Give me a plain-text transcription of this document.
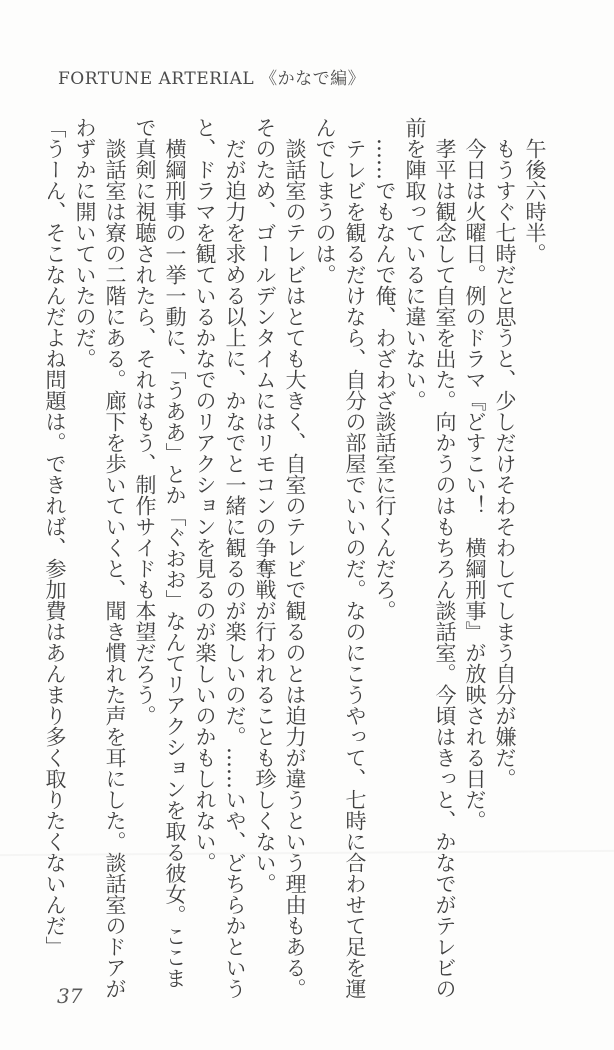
FORTUNE ARTERIAL 《かなで編》

午後六時半。

もうすぐ七時だと思うと、少しだけそわそわしてしまう自分が嫌だ。

今日は火曜日。例のドラマ『どすこい！　横綱刑事』が放映される日だ。

孝平は観念して自室を出た。向かうのはもちろん談話室。今頃はきっと、かなでがテレビの前を陣取っているに違いない。

……でもなんで俺、わざわざ談話室に行くんだろ。

テレビを観るだけなら、自分の部屋でいいのだ。なのにこうやって、七時に合わせて足を運んでしまうのは。

談話室のテレビはとても大きく、自室のテレビで観るのとは迫力が違うという理由もある。そのため、ゴールデンタイムにはリモコンの争奪戦が行われることも珍しくない。

だが迫力を求める以上に、かなでと一緒に観るのが楽しいのだ。……いや、どちらかというと、ドラマを観ているかなでのリアクションを見るのが楽しいのかもしれない。

横綱刑事の一挙一動に、「うああ」とか「ぐおお」なんてリアクションを取る彼女。ここまで真剣に視聴されたら、それはもう、制作サイドも本望だろう。

談話室は寮の二階にある。廊下を歩いていくと、聞き慣れた声を耳にした。談話室のドアがわずかに開いていたのだ。

「うーん、そこなんだよね問題は。できれば、参加費はあんまり多く取りたくないんだ」

37
